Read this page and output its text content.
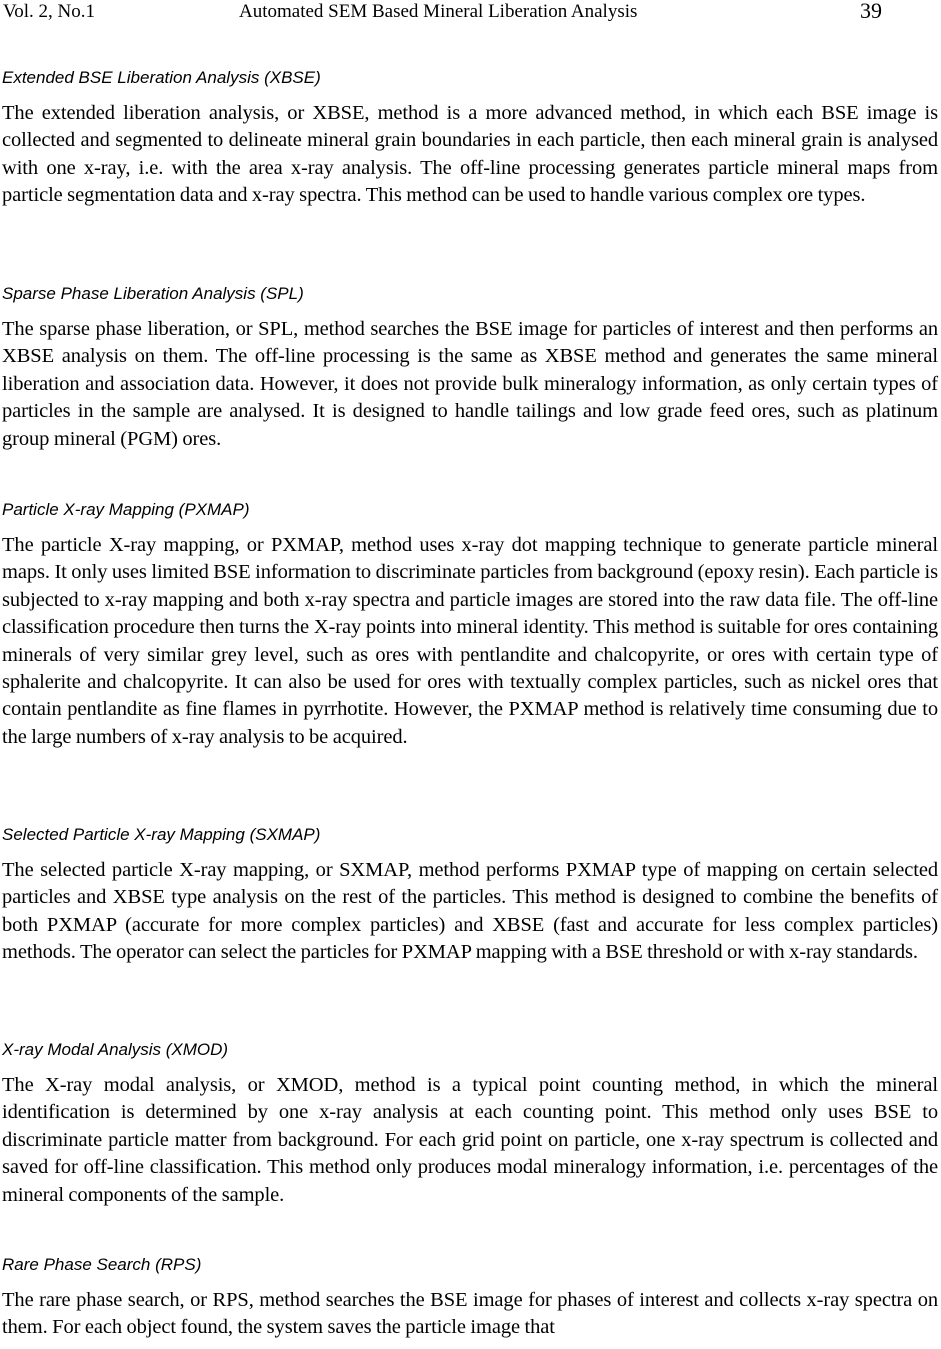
Vol. 2, No.1	Automated SEM Based Mineral Liberation Analysis	39
Extended BSE Liberation Analysis (XBSE)

The extended liberation analysis, or XBSE, method is a more advanced method, in which each BSE image is collected and segmented to delineate mineral grain boundaries in each particle, then each mineral grain is analysed with one x-ray, i.e. with the area x-ray analysis. The off-line processing generates particle mineral maps from particle segmentation data and x-ray spectra. This method can be used to handle various complex ore types.

Sparse Phase Liberation Analysis (SPL)

The sparse phase liberation, or SPL, method searches the BSE image for particles of interest and then performs an XBSE analysis on them. The off-line processing is the same as XBSE method and generates the same mineral liberation and association data. However, it does not provide bulk mineralogy information, as only certain types of particles in the sample are analysed. It is designed to handle tailings and low grade feed ores, such as platinum group mineral (PGM) ores.

Particle X-ray Mapping (PXMAP)

The particle X-ray mapping, or PXMAP, method uses x-ray dot mapping technique to generate particle mineral maps. It only uses limited BSE information to discriminate particles from background (epoxy resin). Each particle is subjected to x-ray mapping and both x-ray spectra and particle images are stored into the raw data file. The off-line classification procedure then turns the X-ray points into mineral identity. This method is suitable for ores containing minerals of very similar grey level, such as ores with pentlandite and chalcopyrite, or ores with certain type of sphalerite and chalcopyrite. It can also be used for ores with textually complex particles, such as nickel ores that contain pentlandite as fine flames in pyrrhotite. However, the PXMAP method is relatively time consuming due to the large numbers of x-ray analysis to be acquired.

Selected Particle X-ray Mapping (SXMAP)

The selected particle X-ray mapping, or SXMAP, method performs PXMAP type of mapping on certain selected particles and XBSE type analysis on the rest of the particles. This method is designed to combine the benefits of both PXMAP (accurate for more complex particles) and XBSE (fast and accurate for less complex particles) methods. The operator can select the particles for PXMAP mapping with a BSE threshold or with x-ray standards.

X-ray Modal Analysis (XMOD)

The X-ray modal analysis, or XMOD, method is a typical point counting method, in which the mineral identification is determined by one x-ray analysis at each counting point. This method only uses BSE to discriminate particle matter from background. For each grid point on particle, one x-ray spectrum is collected and saved for off-line classification. This method only produces modal mineralogy information, i.e. percentages of the mineral components of the sample.

Rare Phase Search (RPS)

The rare phase search, or RPS, method searches the BSE image for phases of interest and collects x-ray spectra on them. For each object found, the system saves the particle image that
